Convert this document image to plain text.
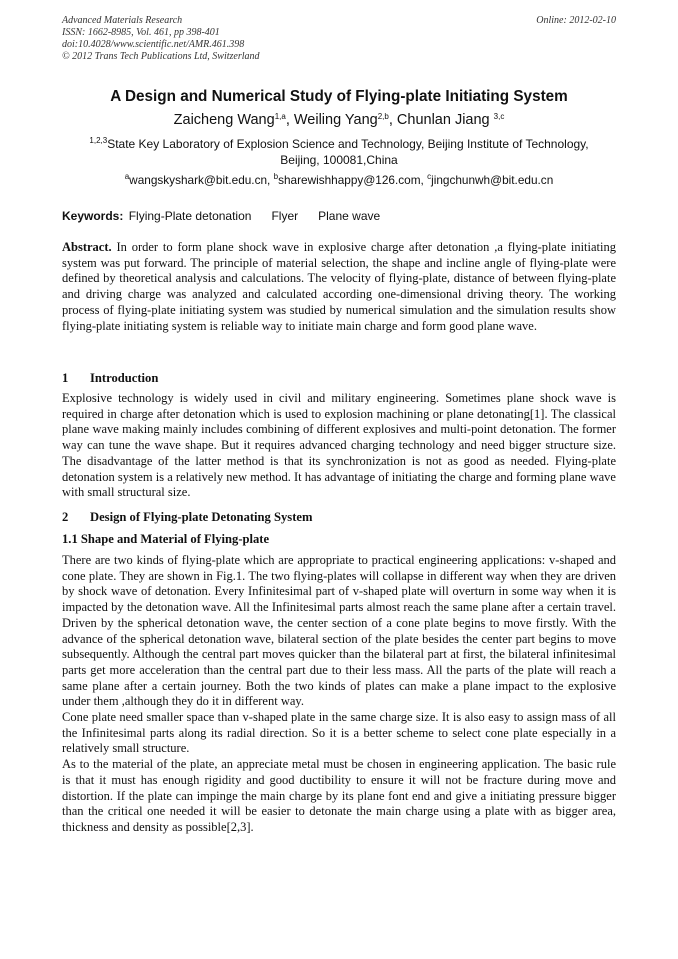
Advanced Materials Research	Online: 2012-02-10
ISSN: 1662-8985, Vol. 461, pp 398-401
doi:10.4028/www.scientific.net/AMR.461.398
© 2012 Trans Tech Publications Ltd, Switzerland
A Design and Numerical Study of Flying-plate Initiating System
Zaicheng Wang$^{1,a}$, Weiling Yang$^{2,b}$, Chunlan Jiang $^{3,c}$
$^{1,2,3}$State Key Laboratory of Explosion Science and Technology, Beijing Institute of Technology,
Beijing, 100081,China
$^a$wangskyshark@bit.edu.cn, $^b$sharewishhappy@126.com, $^c$jingchunwh@bit.edu.cn
Keywords: Flying-Plate detonation Flyer Plane wave
Abstract. In order to form plane shock wave in explosive charge after detonation ,a flying-plate initiating system was put forward. The principle of material selection, the shape and incline angle of flying-plate were defined by theoretical analysis and calculations. The velocity of flying-plate, distance of between flying-plate and driving charge was analyzed and calculated according one-dimensional driving theory. The working process of flying-plate initiating system was studied by numerical simulation and the simulation results show flying-plate initiating system is reliable way to initiate main charge and form good plane wave.
1 Introduction

Explosive technology is widely used in civil and military engineering. Sometimes plane shock wave is required in charge after detonation which is used to explosion machining or plane detonating[1]. The classical plane wave making mainly includes combining of different explosives and multi-point detonation. The former way can tune the wave shape. But it requires advanced charging technology and need bigger structure size. The disadvantage of the latter method is that its synchronization is not as good as needed. Flying-plate detonation system is a relatively new method. It has advantage of initiating the charge and forming plane wave with small structural size.

2 Design of Flying-plate Detonating System
1.1 Shape and Material of Flying-plate

There are two kinds of flying-plate which are appropriate to practical engineering applications: v-shaped and cone plate. They are shown in Fig.1. The two flying-plates will collapse in different way when they are driven by shock wave of detonation. Every Infinitesimal part of v-shaped plate will overturn in some way when it is impacted by the detonation wave. All the Infinitesimal parts almost reach the same plane after a certain travel. Driven by the spherical detonation wave, the center section of a cone plate begins to move firstly. With the advance of the spherical detonation wave, bilateral section of the plate besides the center part begins to move subsequently. Although the central part moves quicker than the bilateral part at first, the bilateral infinitesimal parts get more acceleration than the central part due to their less mass. All the parts of the plate will reach a same plane after a certain journey. Both the two kinds of plates can make a plane impact to the explosive under them ,although they do it in different way.

Cone plate need smaller space than v-shaped plate in the same charge size. It is also easy to assign mass of all the Infinitesimal parts along its radial direction. So it is a better scheme to select cone plate especially in a relatively small structure.

As to the material of the plate, an appreciate metal must be chosen in engineering application. The basic rule is that it must has enough rigidity and good ductibility to ensure it will not be fracture during move and distortion. If the plate can impinge the main charge by its plane font end and give a initiating pressure bigger than the critical one needed it will be easier to detonate the main charge using a plate with as bigger area, thickness and density as possible[2,3].
